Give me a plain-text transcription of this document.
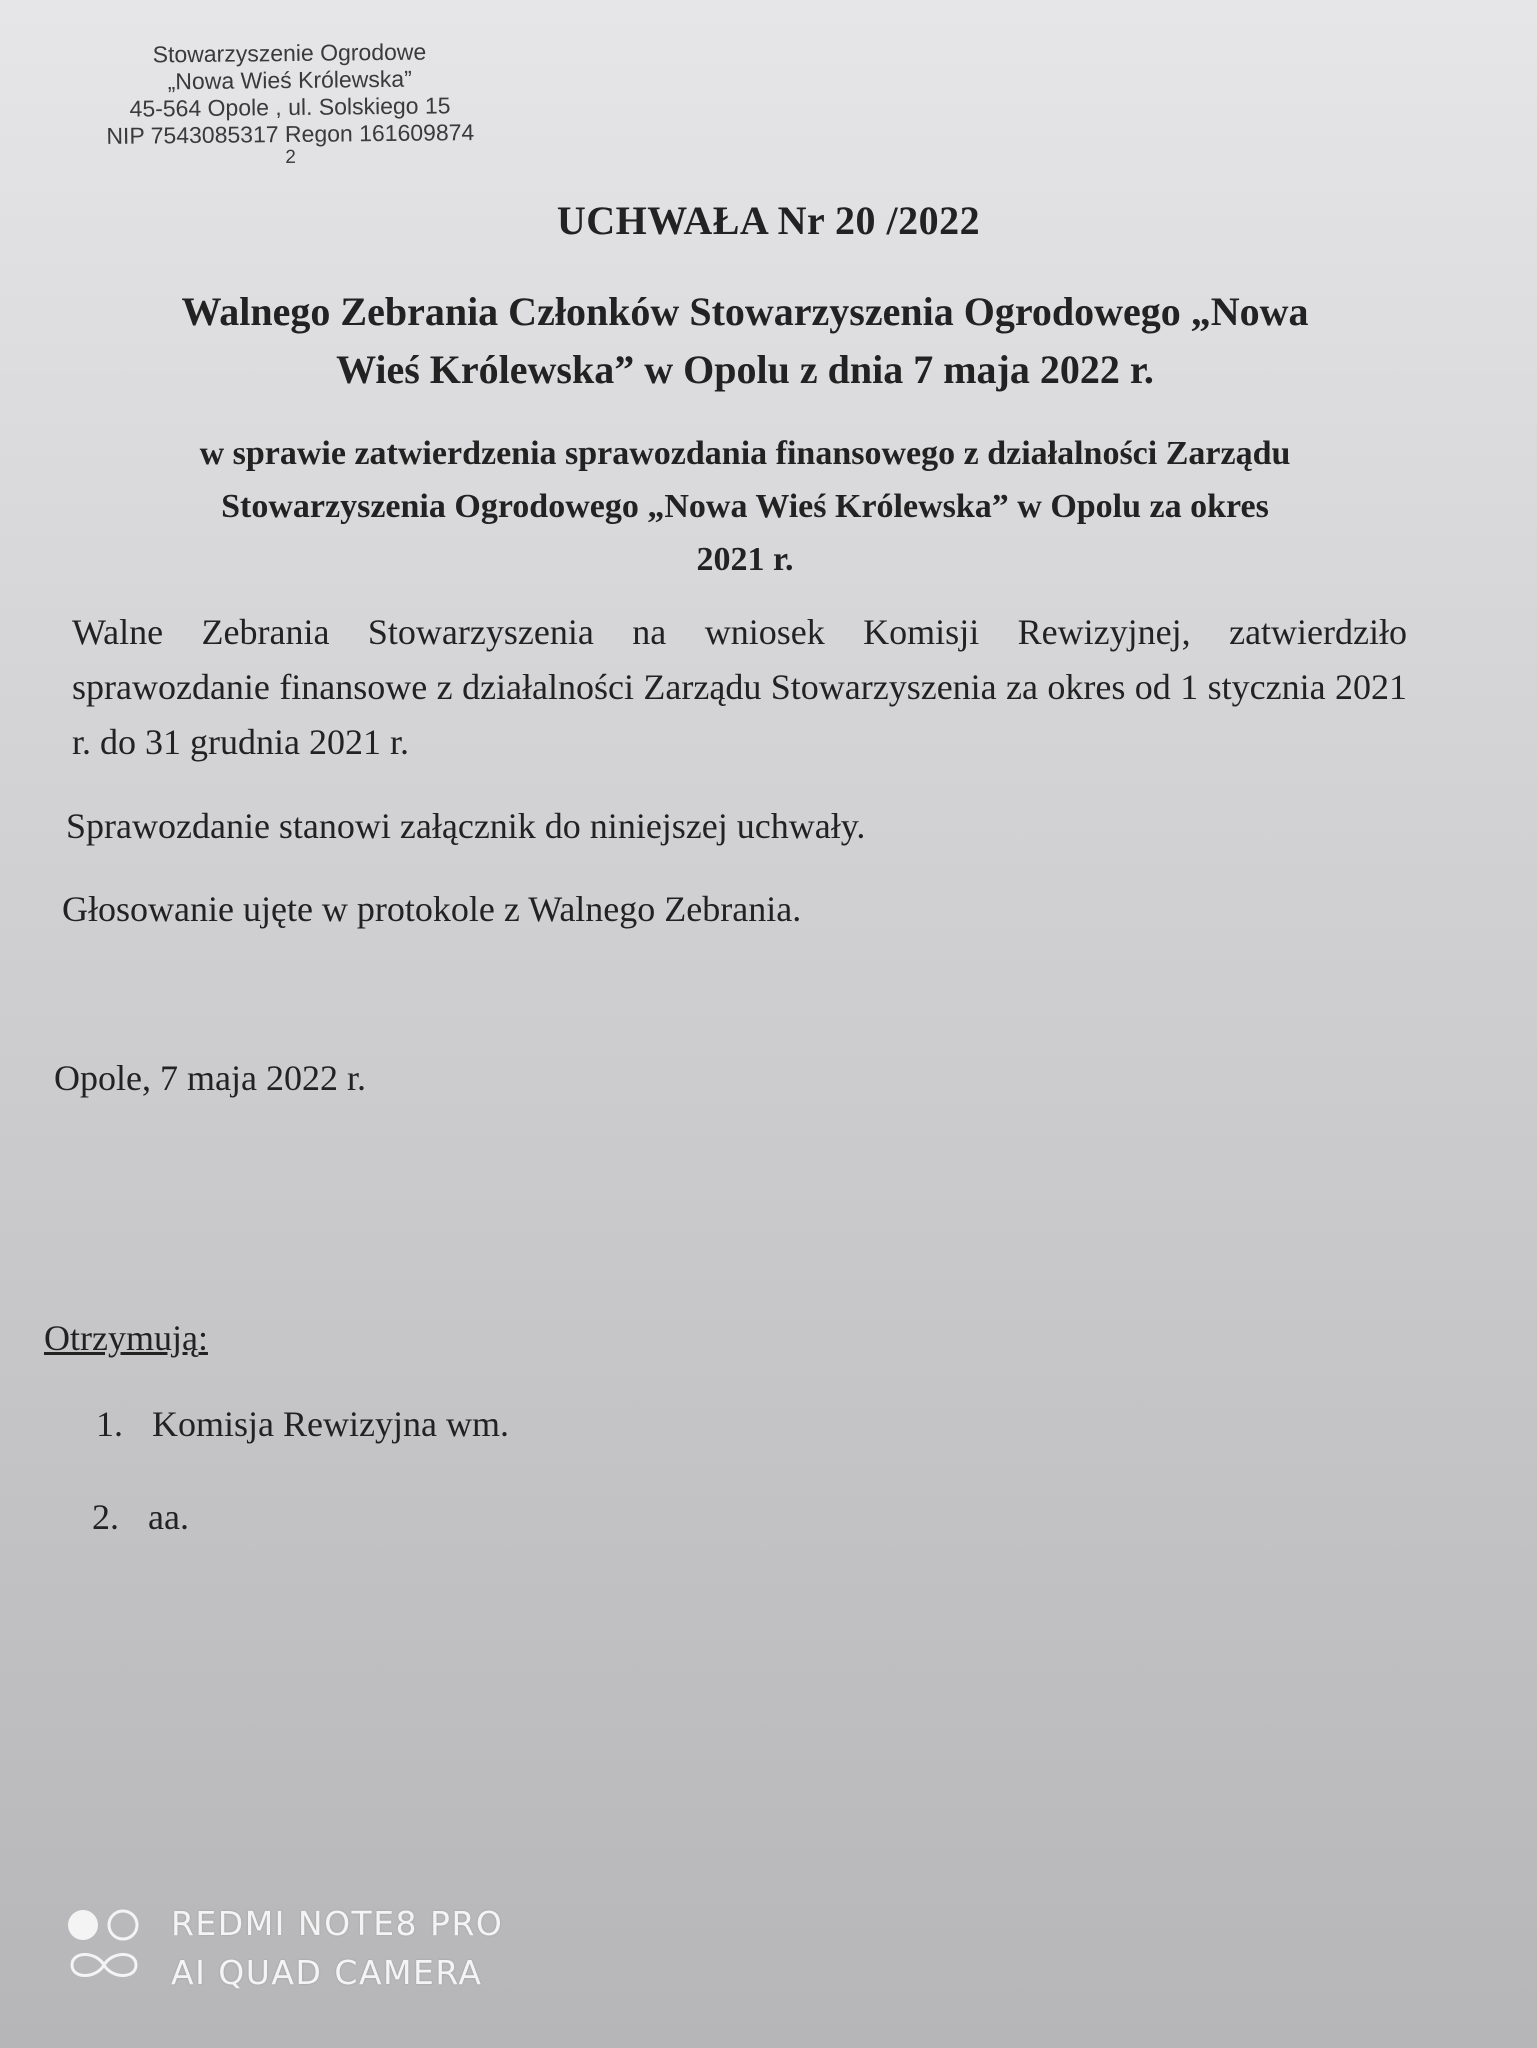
Stowarzyszenie Ogrodowe
„Nowa Wieś Królewska”
45-564 Opole , ul. Solskiego 15
NIP 7543085317 Regon 161609874
2
UCHWAŁA Nr 20 /2022
Walnego Zebrania Członków Stowarzyszenia Ogrodowego „Nowa
Wieś Królewska” w Opolu z dnia 7 maja 2022 r.
w sprawie zatwierdzenia sprawozdania finansowego z działalności Zarządu
Stowarzyszenia Ogrodowego „Nowa Wieś Królewska” w Opolu za okres
2021 r.
Walne Zebrania Stowarzyszenia na wniosek Komisji Rewizyjnej, zatwierdziło sprawozdanie finansowe z działalności Zarządu Stowarzyszenia za okres od 1 stycznia 2021 r. do 31 grudnia 2021 r.
Sprawozdanie stanowi załącznik do niniejszej uchwały.
Głosowanie ujęte w protokole z Walnego Zebrania.
Opole, 7 maja 2022 r.
Otrzymują:
1. Komisja Rewizyjna wm.
2. aa.
REDMI NOTE8 PRO
AI QUAD CAMERA
